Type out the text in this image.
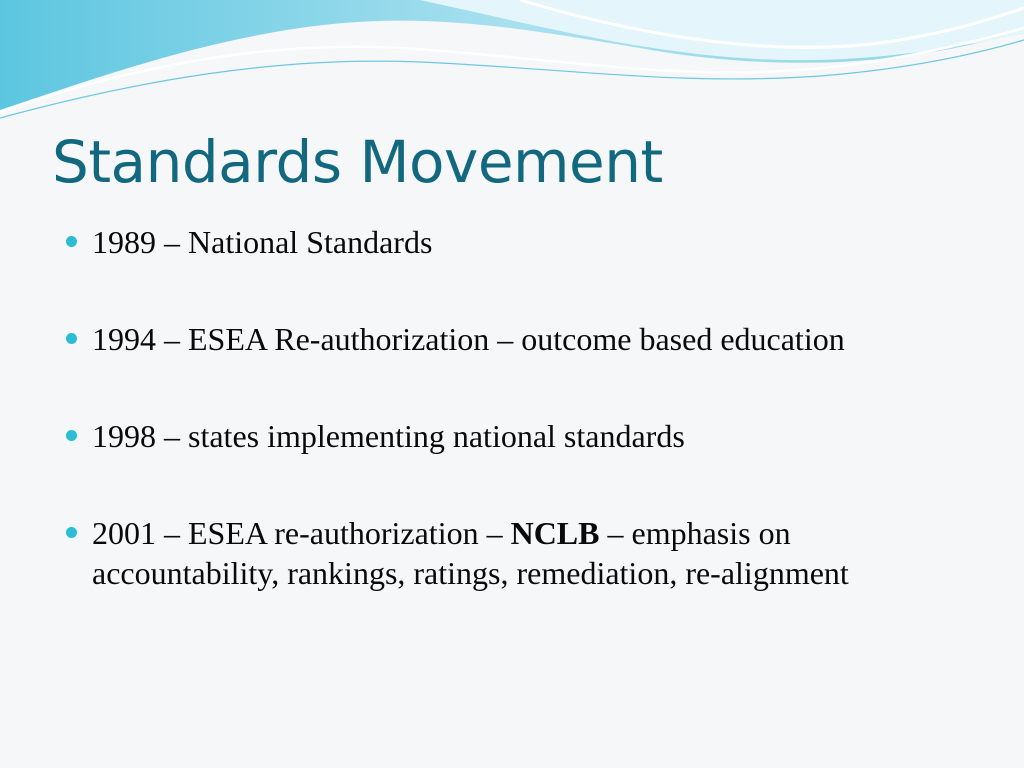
Standards Movement
1989 – National Standards
1994 – ESEA Re-authorization – outcome based education
1998 – states implementing national standards
2001 – ESEA re-authorization – NCLB – emphasis on accountability, rankings, ratings, remediation, re-alignment
